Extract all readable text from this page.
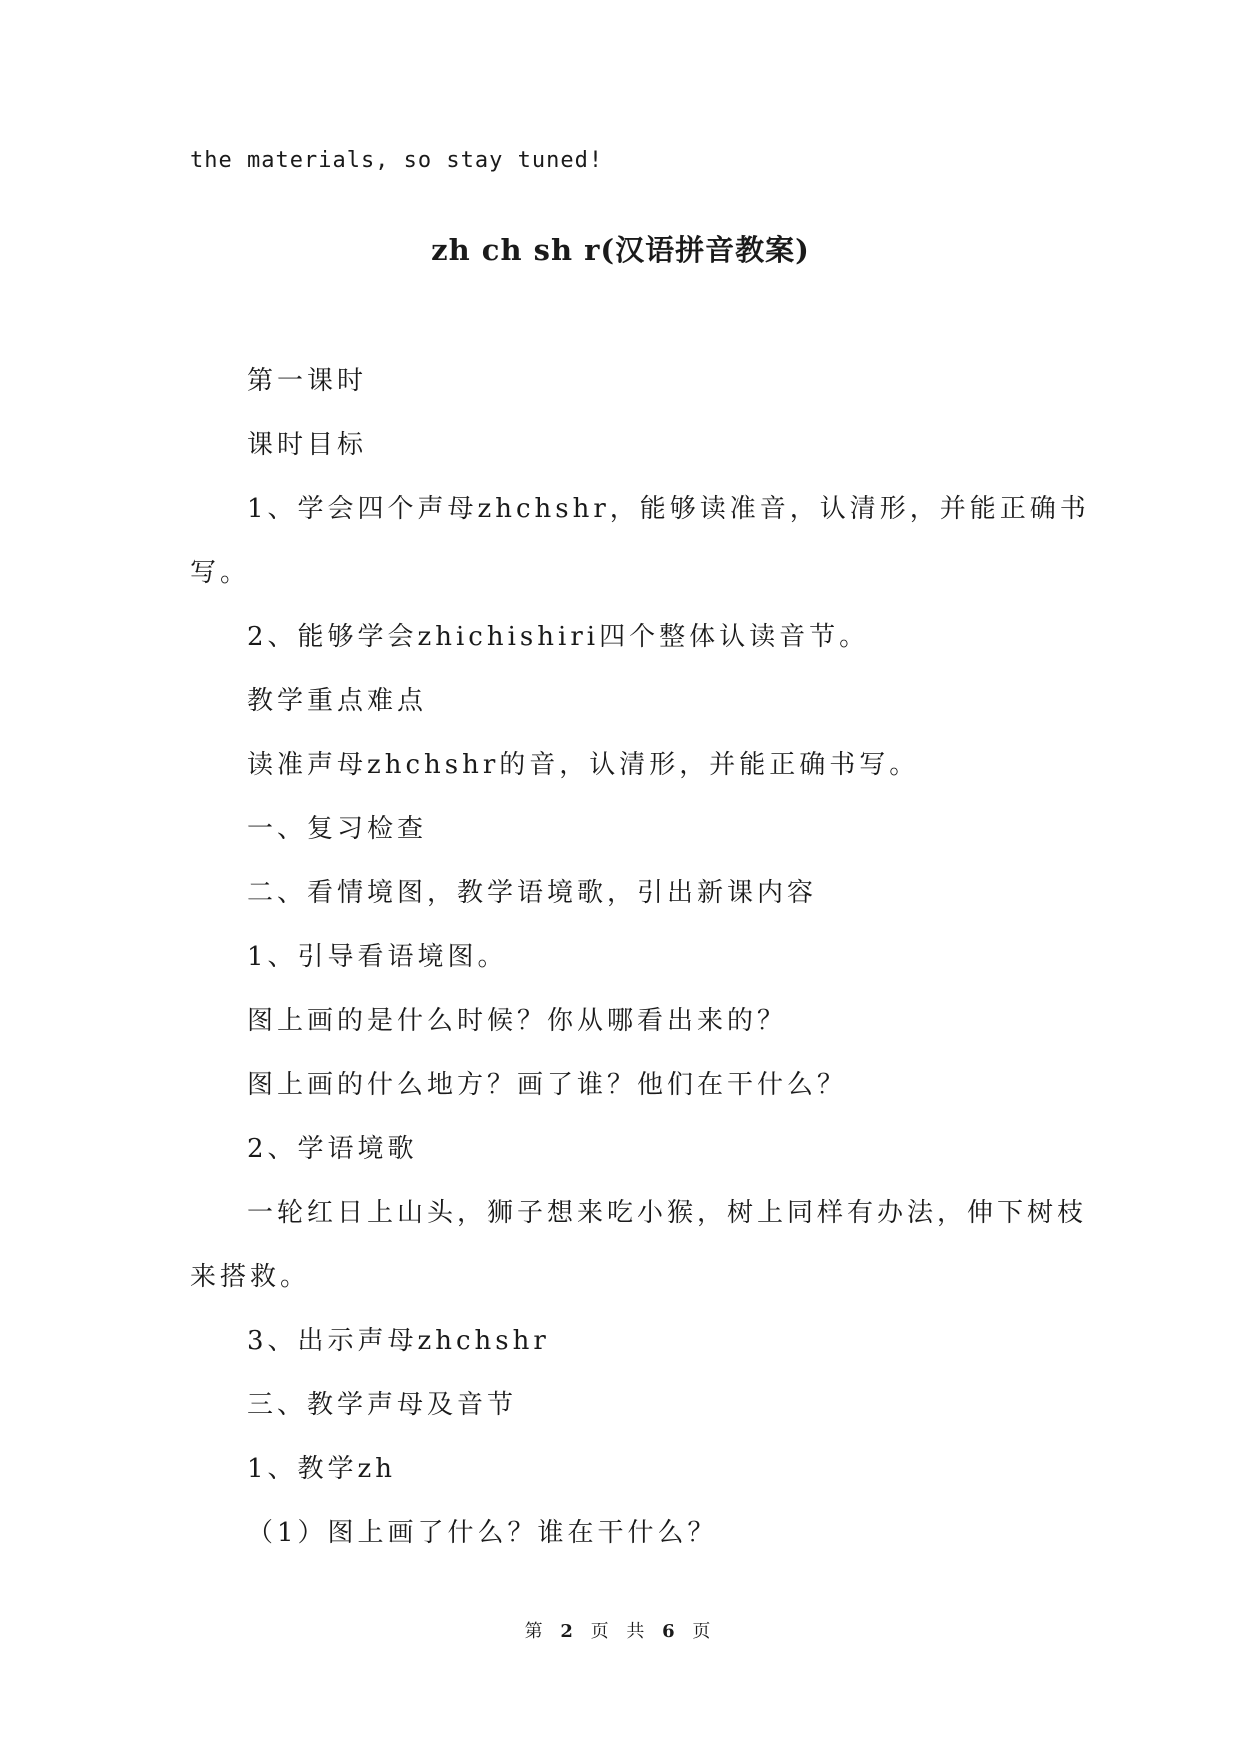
the materials, so stay tuned!
zh ch sh r(汉语拼音教案)
第一课时
课时目标
1、学会四个声母zhchshr，能够读准音，认清形，并能正确书
写。
2、能够学会zhichishiri四个整体认读音节。
教学重点难点
读准声母zhchshr的音，认清形，并能正确书写。
一、复习检查
二、看情境图，教学语境歌，引出新课内容
1、引导看语境图。
图上画的是什么时候？你从哪看出来的？
图上画的什么地方？画了谁？他们在干什么？
2、学语境歌
一轮红日上山头，狮子想来吃小猴，树上同样有办法，伸下树枝
来搭救。
3、出示声母zhchshr
三、教学声母及音节
1、教学zh
（1）图上画了什么？谁在干什么？
第 2 页 共 6 页
